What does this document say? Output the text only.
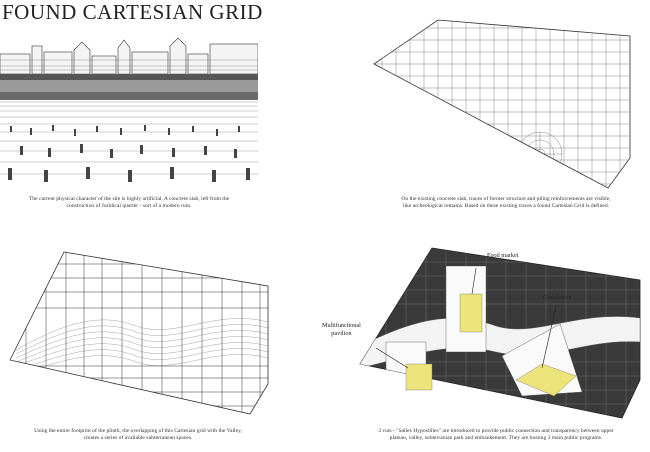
FOUND CARTESIAN GRID
The current physical character of the site is highly artificial. A concrete slab, left from the
construction of Juridical quarter - sort of a modern ruin.
On the existing concrete slab, traces of former structure and piling reinforcements are visible,
like archeological remains. Based on these existing traces a found Cartesian Grid is defined.
Using the entire footprint of the plinth, the overlapping of this Cartesian grid with the Valley,
creates a series of available subterranean spaces.
Food market
Glasshouse
Multifunctional
pavilion
3 cuts - "Salles Hypostilles" are introduced to provide public connection and transparency between upper
plateau, valley, subterranian park and embankement. They are hosting 3 main public programs.
